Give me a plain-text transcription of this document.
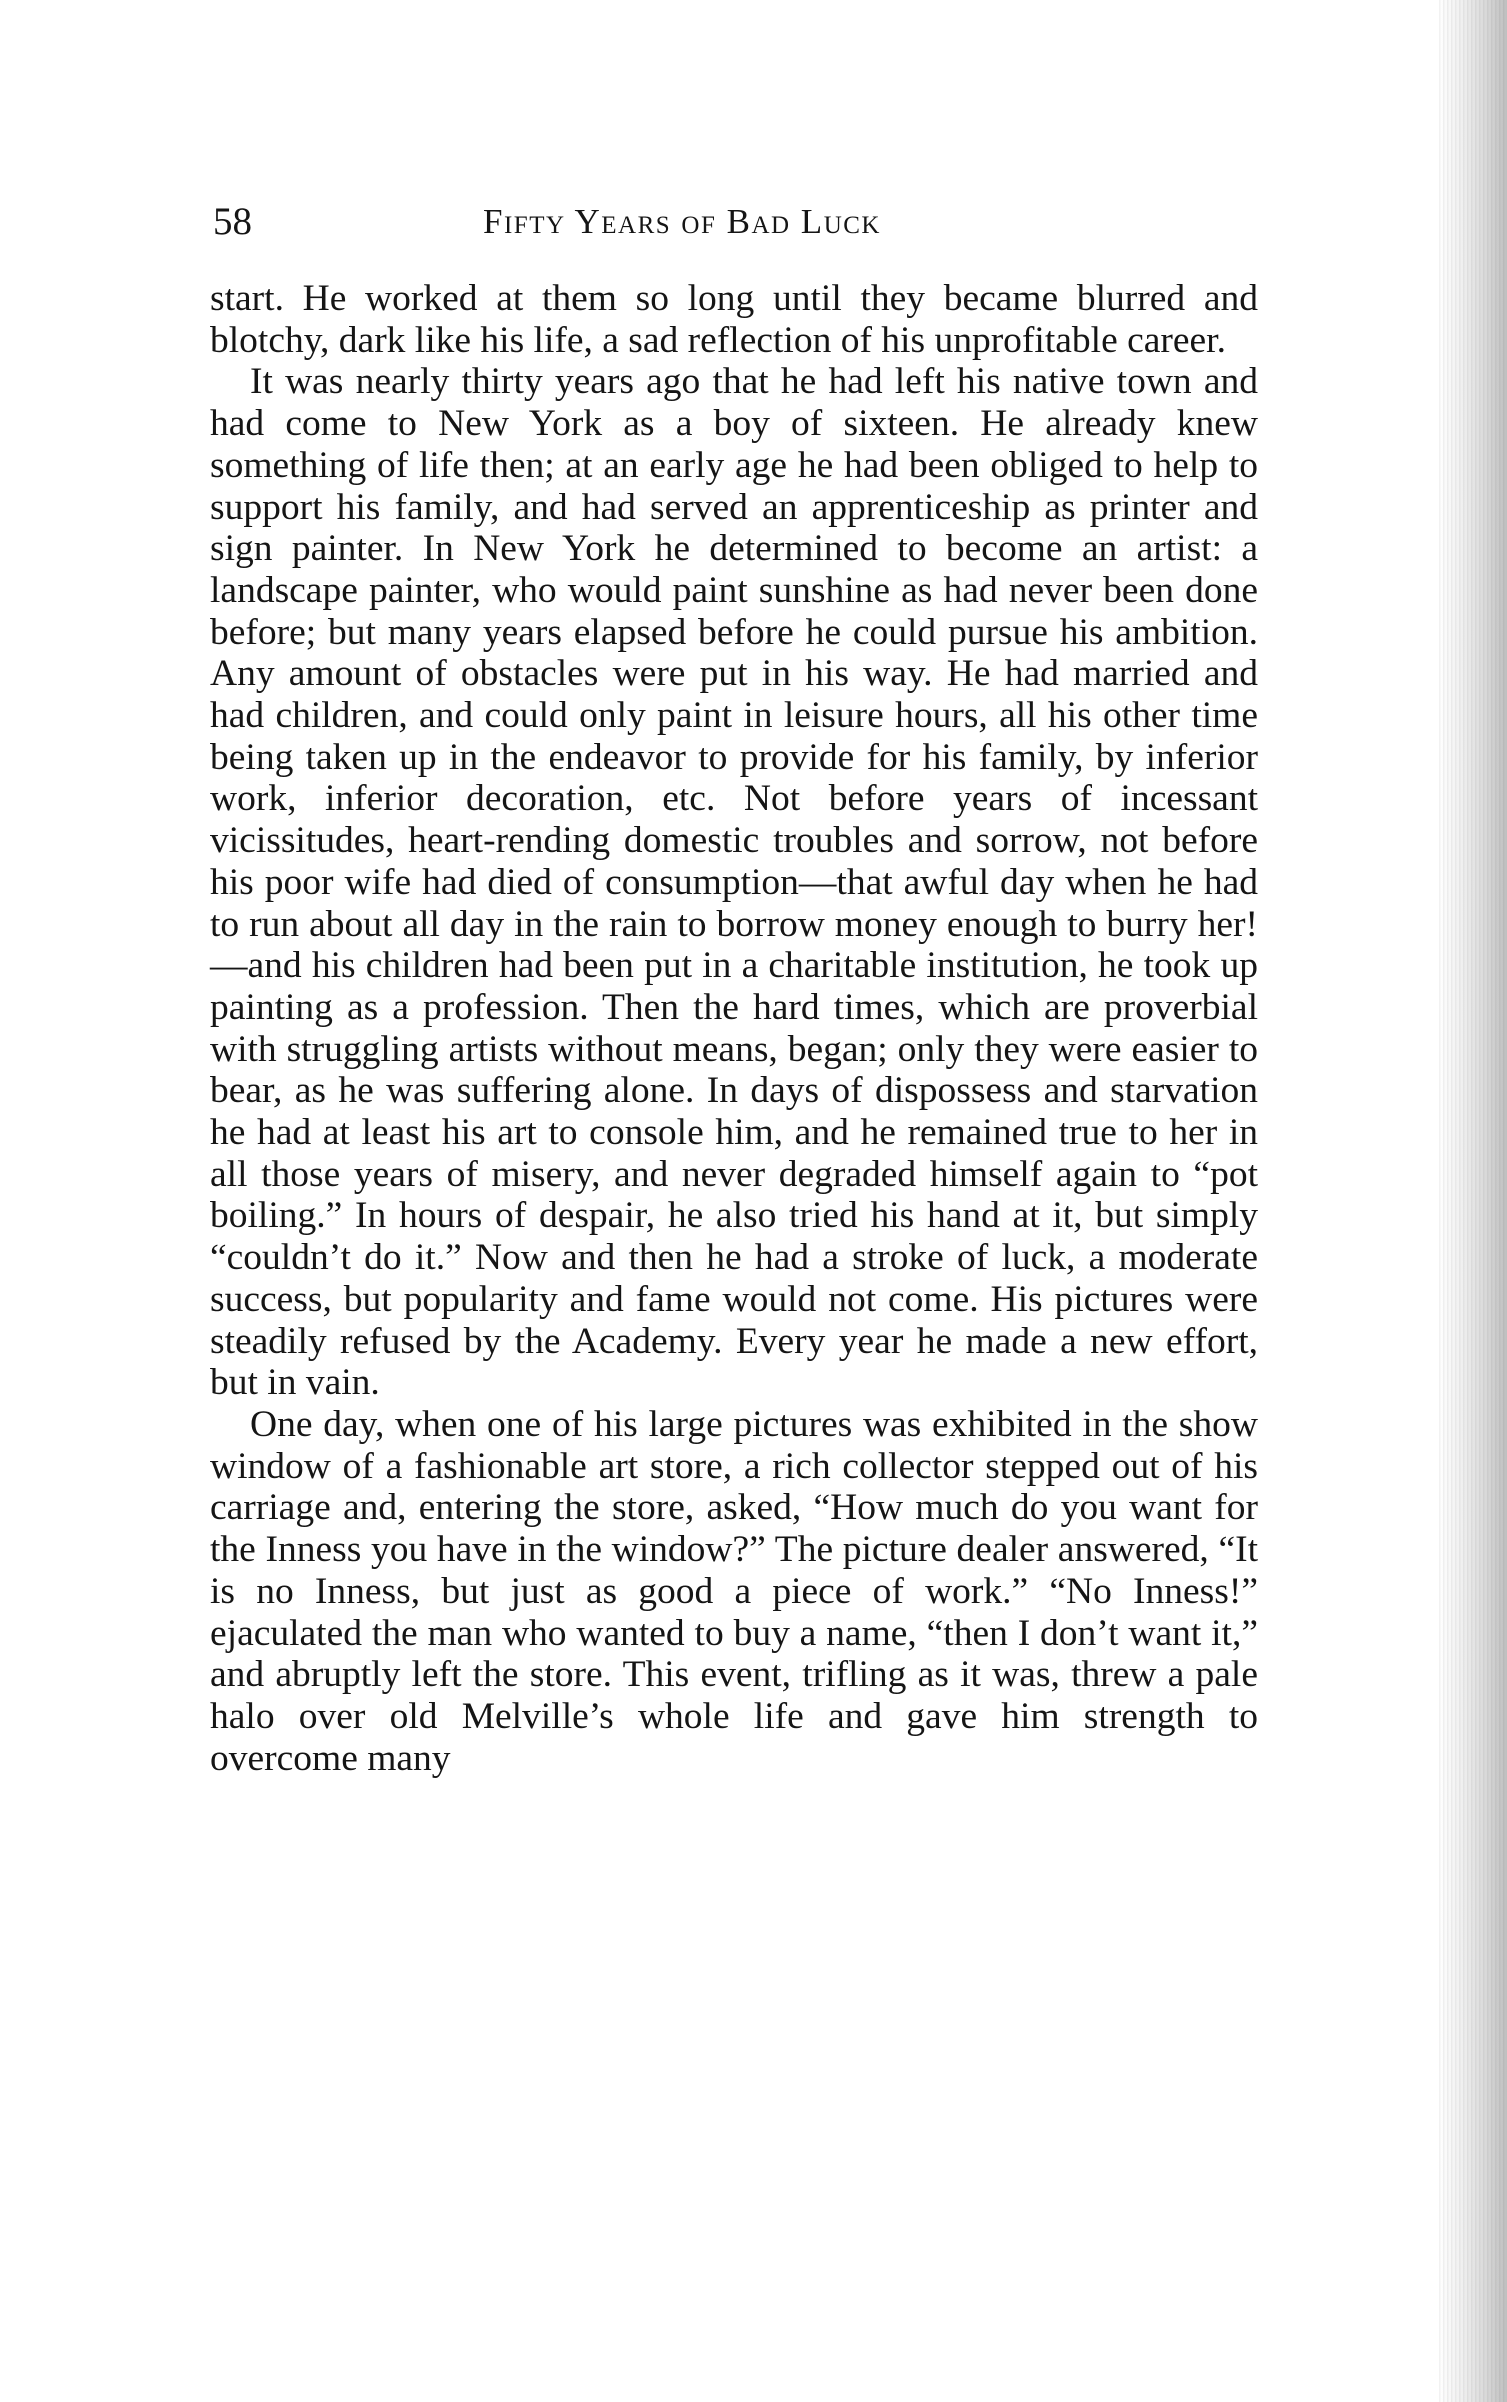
58	Fifty Years of Bad Luck

start. He worked at them so long until they became blurred and blotchy, dark like his life, a sad reflection of his unprofitable career.

It was nearly thirty years ago that he had left his native town and had come to New York as a boy of sixteen. He already knew something of life then; at an early age he had been obliged to help to support his family, and had served an apprenticeship as printer and sign painter. In New York he determined to become an artist: a landscape painter, who would paint sunshine as had never been done before; but many years elapsed before he could pursue his ambition. Any amount of obstacles were put in his way. He had married and had children, and could only paint in leisure hours, all his other time being taken up in the endeavor to provide for his family, by inferior work, inferior decoration, etc. Not before years of incessant vicissitudes, heart-rending domestic troubles and sorrow, not before his poor wife had died of consumption—that awful day when he had to run about all day in the rain to borrow money enough to burry her! —and his children had been put in a charitable institution, he took up painting as a profession. Then the hard times, which are proverbial with struggling artists without means, began; only they were easier to bear, as he was suffering alone. In days of dispossess and starvation he had at least his art to console him, and he remained true to her in all those years of misery, and never degraded himself again to “pot boiling.” In hours of despair, he also tried his hand at it, but simply “couldn’t do it.” Now and then he had a stroke of luck, a moderate success, but popularity and fame would not come. His pictures were steadily refused by the Academy. Every year he made a new effort, but in vain.

One day, when one of his large pictures was exhibited in the show window of a fashionable art store, a rich collector stepped out of his carriage and, entering the store, asked, “How much do you want for the Inness you have in the window?” The picture dealer answered, “It is no Inness, but just as good a piece of work.” “No Inness!” ejaculated the man who wanted to buy a name, “then I don’t want it,” and abruptly left the store. This event, trifling as it was, threw a pale halo over old Melville’s whole life and gave him strength to overcome many
